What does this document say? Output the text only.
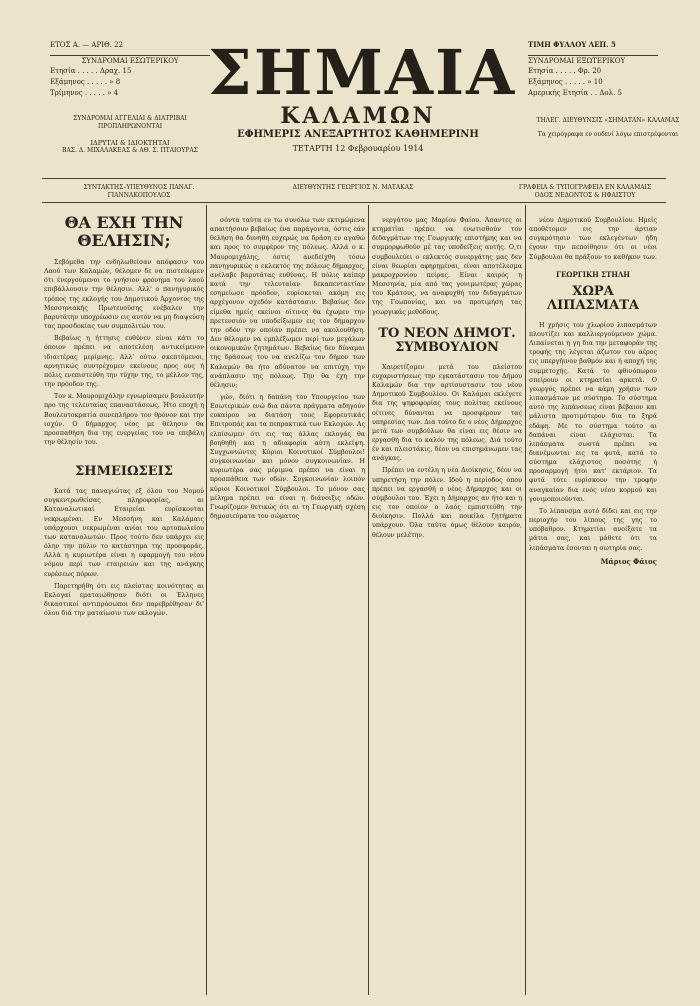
ΕΤΟΣ Α. — ΑΡΙΘ. 22
ΣΥΝΔΡΟΜΑΙ ΕΣΩΤΕΡΙΚΟΥ
Ετησία . . . . . Δραχ. 15
Εξάμηνος . . . . . » 8
Τρίμηνος . . . . . » 4
ΣΥΝΔΡΟΜΑΙ ΑΓΓΕΛΙΑΙ & ΔΙΑΤΡΙΒΑΙ ΠΡΟΠΛΗΡΩΝΟΝΤΑΙ
ΙΔΡΥΤΑΙ & ΙΔΙΟΚΤΗΤΑΙ
ΒΑΣ. Δ. ΜΙΧΑΛΑΚΕΑΣ & ΑΘ. Σ. ΠΤΑΙΟΥΡΑΣ
ΣΗΜΑΙΑ
ΚΑΛΑΜΩΝ
ΕΦΗΜΕΡΙΣ ΑΝΕΞΑΡΤΗΤΟΣ ΚΑΘΗΜΕΡΙΝΗ
ΤΕΤΑΡΤΗ 12 Φεβρουαρίου 1914
ΤΙΜΗ ΦΥΛΛΟΥ ΛΕΠ. 5
ΣΥΝΔΡΟΜΑΙ ΕΞΩΤΕΡΙΚΟΥ
Ετησία . . . . . Φρ. 20
Εξάμηνος . . . . . » 10
Αμερικής Ετησία . . Δολ. 5
ΤΗΛΕΓ. ΔΙΕΥΘΥΝΣΙΣ «ΣΗΜΑΤΑΝ» ΚΑΛΑΜΑΣ
Τα χειρόγραφα εν ουδενί λόγω επιστρέφονται
ΣΥΝΤΑΚΤΗΣ–ΥΠΕΥΘΥΝΟΣ ΠΑΝΑΓ. ΓΙΑΝΝΑΚΟΠΟΥΛΟΣ
ΔΙΕΥΘΥΝΤΗΣ ΓΕΩΡΓΙΟΣ Ν. ΜΑΤΑΚΑΣ	ΓΡΑΦΕΙΑ & ΤΥΠΟΓΡΑΦΕΙΑ ΕΝ ΚΑΛΑΜΑΙΣ ΟΔΟΣ ΝΕΔΟΝΤΟΣ & ΗΦΑΙΣΤΟΥ
ΘΑ ΕΧΗ ΤΗΝ ΘΕΛΗΣΙΝ;

Σεβόμεθα την ενδηλωθείσαν απόφασιν του Λαού των Καλαμών, θέλομεν δε να πιστεύωμεν ότι ένεργούμενοι το γνήσιον φρόνημα του λαού επιβάλλουσιν την θέλησιν. Αλλ' ο πανηγυρικός τρόπος της εκλογής του Δημοτικού Άρχοντος της Μεσσηνιακής Πρωτευούσης ενέβαλεν την βαρυτάτην υποχρέωσιν εις αυτόν να μη διαψεύση τας προσδοκίας των συμπολιτών του.

Βεβαίως η ήττησις ευθύνεν είναι κάτι το όποιον πρέπει να αποτελέση αντικείμενον ιδιαιτέρας μερίμνης. Αλλ' ούτω σκεπτόμενοι, αρνητικώς συντρέχομεν εκείνους προς ους ή πόλις ενεπιστεύθη την τύχην της, το μέλλον της, την πρόοδον της.

Τον κ. Μαυρομιχάλην εγνωρίσαμεν βουλευτήν προ της τελευταίας επαναστάσεως. Ήτο εποχή η Βουλευτοκρατία συνεπλήρου τον θρόνον και την ισχύν. Ο δήμαρχος νέος με θέλησιν θα προσπαθήση δια της ενεργείας του να επιβάλη την θέλησίν του.

ΣΗΜΕΙΩΣΕΙΣ

Κατά τας παναγιώτας εξ όλου του Νομού συγκεντρωθείσας πληροφορίας, αι Καταναλωτικαί Εταιρείαι ευρίσκονται νεκρωμέναι. Εν Μεσσήνη και Καλάμαις υπάρχουσι νεκρωμέναι ανίαι του αρτοπωλείου των καταναλωτών. Προς τούτο δεν υπάρχει εις όλην την πόλιν το κατάστημα της προσφοράς. Αλλά η κυριωτέρα είναι η εφαρμογή του νέου νόμου περί των εταιρειών και της ανάγκης ευρέσεως πόρων.

Παρετηρήθη ότι εις πλείστας κοινότητας αι Εκλογαί εματαιώθησαν διότι οι Έλληνες δικαστικοί αντιπρόσωποι δεν παρεβρέθησαν δι' όλου διά την ματαίωσιν των εκλογών.

σόντα ταύτα εν τω συνόλω των εκτιμώμενα απαιτήσουν βεβαίως ένα παράγοντα, όστις εάν θελήση θα δυνηθή ευχερώς να δράση εν αγαθώ και προς το συμφέρον της πόλεως. Αλλά ο κ. Μαυρομιχάλης, όστις ανεδείχθη τόσω πανηγυρικώς ο εκλεκτός της πόλεως δήμαρχος, ανέλαβε βαρυτάτας ευθύνας. Η πόλις καίπερ κατά την τελευταίαν δεκαπενταετίαν εσημείωσε πρόοδον, ευρίσκεται ακόμη εις αρχέγονον σχεδόν κατάστασιν. Βεβαίως δεν είμεθα ημείς εκείνοι οίτινες θα έχωμεν την πρετενσιόν να υποδείξωμεν εις τον δήμαρχον την οδόν την οποίαν πρέπει να ακολουθήση. Δεν θέλομεν να εμπλέξωμεν περί των μεγάλων οικονομικών ζητημάτων. Βεβαίως δεν δύναμαι της δράσεως του να ανελίζω τον δήμον των Καλαμών θα ήτο αδύνατον να επιτύχη την ανάπλασιν της πόλεως. Την θα έχη την θέλησιν;

γών, διότι η δαπάνη του Υπουργείου των Εσωτερικών ενώ δια πάντα πράγματα αδηγούν ευκαίρου να διατάση τους Εφορευτικάς Επιτροπάς και τα πεπρακτικά των Εκλογών. Ας ελπίσωμεν ότι εις τας άλλας εκλογάς θα βοηθηθή και η αδιαφορία αύτη εκλείψη. Συγχωνιώντες Κύριοι Κοινοτικοί Σύμβουλοι! συγκοινωνίαν και μόνον συγκοινωνίαν. Η κυριωτέρα σας μέριμνα πρέπει να είναι η προσπάθεια των οδών. Συγκοινωνίαν λοιπόν κύριοι Κοινοτικοί Σύμβουλοι. Το μόνον σας μέλημα πρέπει να είναι η διάνοιξις οδών. Γνωρίζομεν θετικώς ότι αι τη Γεωργική σχέση δημοσιεύματα του σώματος

νεργάτου μας Μαρίου Φαίου. Άπαντες οι κτηματίαι πρέπει να ενωτισθούν τον διδαγμάτων της Γεωργικής επιστήμης και να συμμορφωθούν μέ τας υποδείξεις αυτής. Ο,τι συμβουλεύει ο εκλεκτός συνεργάτης μας δεν είναι θεωρίαι αφηρημέναι, είναι αποτέλεσμα μακροχρονίου πείρας. Είναι καιρός η Μεσσηνία, μία από τας γονιμωτέρας χώρας του Κράτους, να αναφυχθή τον διδαγμάτων της Γεωπονίας, και να προτιμήση τας γεωργικάς μεθόδους.

ΤΟ ΝΕΟΝ ΔΗΜΟΤ. ΣΥΜΒΟΥΛΙΟΝ

Χαιρετίζομεν μετά του πλείστου ευχαριστήσεως την εγκατάστασιν του Δήμου Καλαμών δια την αρτίσυστασιν του νέου Δημοτικού Συμβουλίου. Οι Καλάμαι εκλέγετε δια της ψηφοφορίας τους πολίτας εκείνους οίτινες δύνανται να προσφέρουν τας υπηρεσίας των. Δια τούτο δε ο νέος Δήμαρχος μετά των συμβούλων θα είναι εις θέσιν να εργασθή δια το καλόν της πόλεως. Διά τούτο έν και πλειστάκις, δέον να επισημάνωμεν τας ανάγκας.

Πρέπει να εντέλη η νέα Διοίκησις, δέον να υπηρετήση την πόλιν. Ιδού η περίοδος όπου πρέπει να εργασθή ο νέος Δήμαρχος και οι σύμβουλοι του. Έχει η Δήμαρχος αν ήτο και η εις τον οποίον ο λαός εμπιστεύθη την διοίκησιν. Πολλά και ποικίλα ζητήματα υπάρχουν. Όλα ταύτα όμως θέλουν καιρόν, θέλουν μελέτην.

νέου Δημοτικού Συμβουλίου. Ημείς αποθέτομεν εις την άρτιαν συγκρότησιν των εκλεγέντων ήδη έγουν την πεποίθησιν ότι οι νέοι Σύμβουλοι θα πράξουν το καθήκον των.

ΓΕΩΡΓΙΚΗ ΣΤΗΛΗ
ΧΩΡΑ ΛΙΠΑΣΜΑΤΑ

Η χρήσις του χλωρίου λιπασμάτων πλουτίζει και καλλιεργούμενον χώμα. Λιπαίνεται η γη δια την μεταφοράν της τροφής της λέγεται άζωτον του αέρος εις υπεργήινον βαθμόν και ή αποχή της συμμετοχής. Κατά το φθινόπωρον σπείρουν οι κτηματίαι αρκετά. Ο γεωργός πρέπει να κάμη χρήσιν των λιπασμάτων με σύστημα. Το σύστημα αυτό της λιπάνσεως είναι βέβαιον και μάλιστα προτιμότερον δια τα ξηρά εδάφη. Με το σύστημα τούτο αι δαπάναι είναι ελάχισται. Τα λιπάσματα σωστά πρέπει να διανέμωνται εις τα φυτά, κατά το σύστημα ελάχιστος ποσότης ή προσαρμογή ήτοι κατ' εκτάριον. Τα φυτά τότε ευρίσκουν την τροφήν αναγκαίαν δια ενός νέου κορμού και γονιμοποιούνται.

Το λίπανσμα αυτό δίδει και εις την περιοχήν του λίπους της γης το υπόβαθρον. Κτηματίαι ανοίξατε τα μάτια σας, και μάθετε ότι τα λιπάσματα έσονται η σωτηρία σας.

Μάριος Φάιος
